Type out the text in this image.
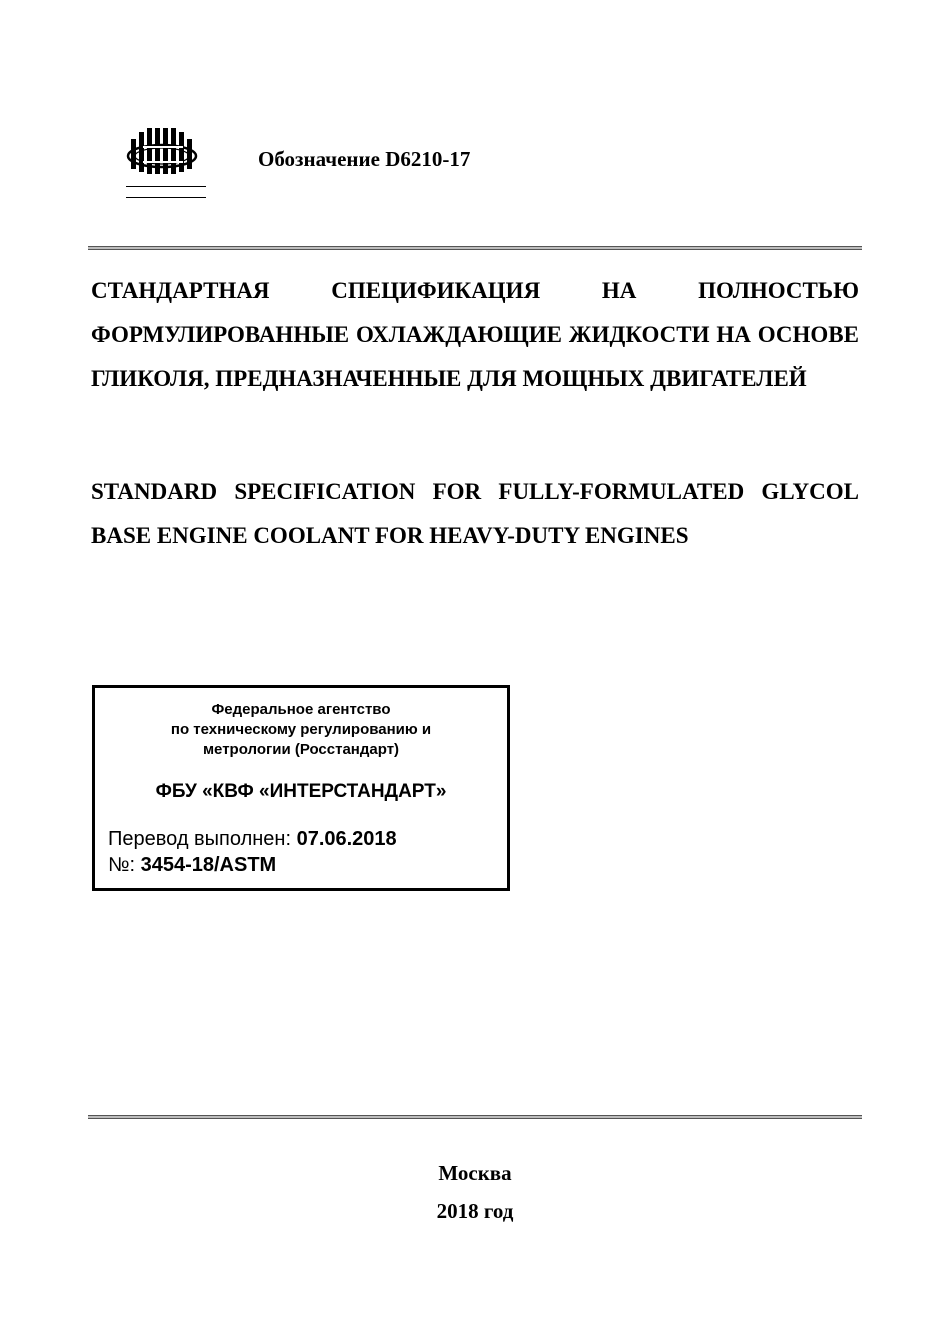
Обозначение D6210-17

СТАНДАРТНАЯ СПЕЦИФИКАЦИЯ НА ПОЛНОСТЬЮ ФОРМУЛИРОВАННЫЕ ОХЛАЖДАЮЩИЕ ЖИДКОСТИ НА ОСНОВЕ ГЛИКОЛЯ, ПРЕДНАЗНАЧЕННЫЕ ДЛЯ МОЩНЫХ ДВИГАТЕЛЕЙ

STANDARD SPECIFICATION FOR FULLY-FORMULATED GLYCOL BASE ENGINE COOLANT FOR HEAVY-DUTY ENGINES

Федеральное агентство
по техническому регулированию и
метрологии (Росстандарт)
ФБУ «КВФ «ИНТЕРСТАНДАРТ»
Перевод выполнен: 07.06.2018
№: 3454-18/ASTM
Москва
2018 год
